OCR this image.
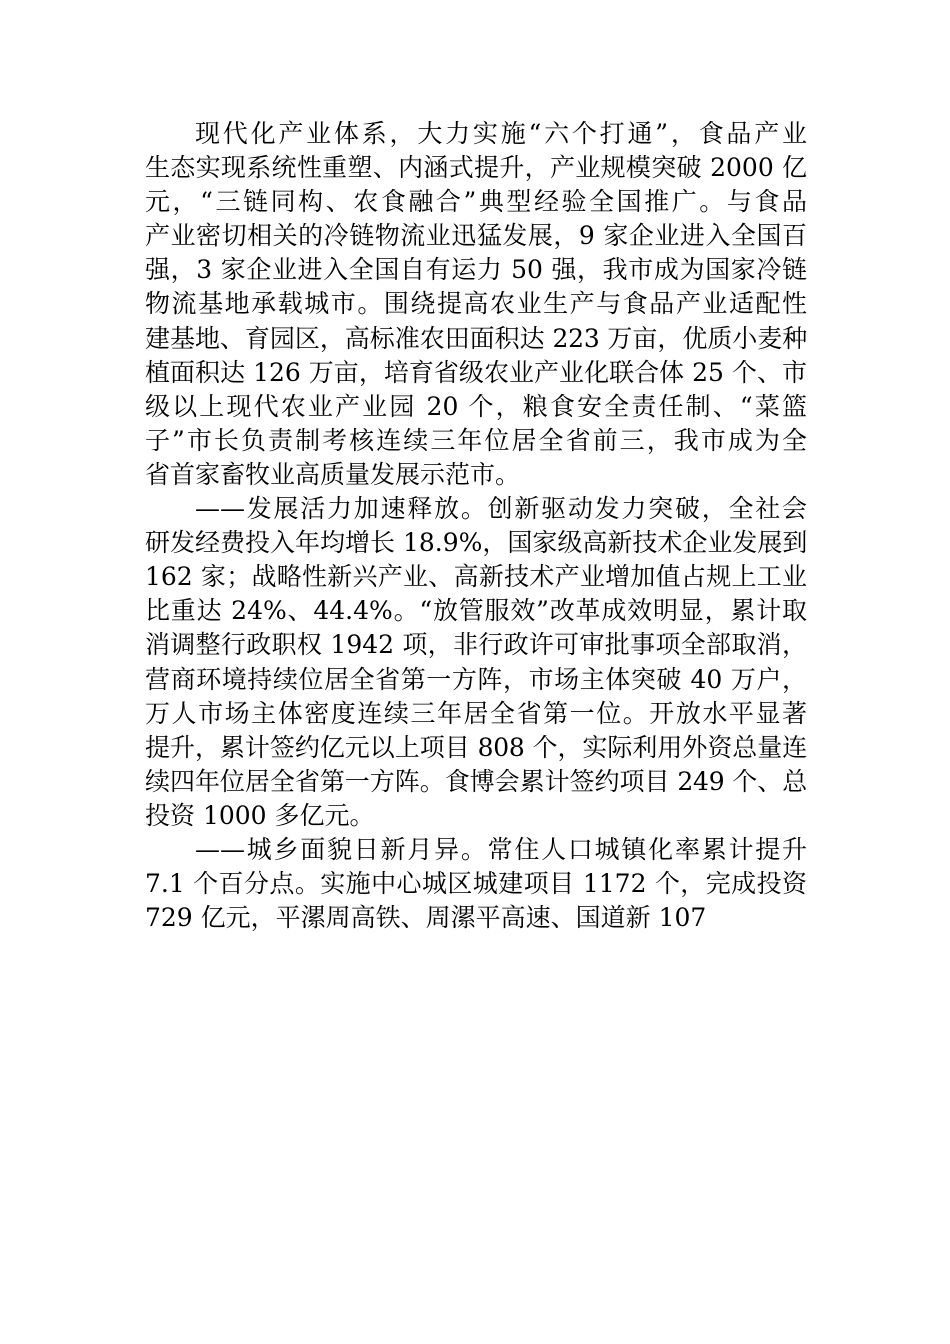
现代化产业体系，大力实施“六个打通”，食品产业
生态实现系统性重塑、内涵式提升，产业规模突破 2000 亿
元，“三链同构、农食融合”典型经验全国推广。与食品
产业密切相关的冷链物流业迅猛发展，9 家企业进入全国百
强，3 家企业进入全国自有运力 50 强，我市成为国家冷链
物流基地承载城市。围绕提高农业生产与食品产业适配性
建基地、育园区，高标准农田面积达 223 万亩，优质小麦种
植面积达 126 万亩，培育省级农业产业化联合体 25 个、市
级以上现代农业产业园 20 个，粮食安全责任制、“菜篮
子”市长负责制考核连续三年位居全省前三，我市成为全
省首家畜牧业高质量发展示范市。
——发展活力加速释放。创新驱动发力突破，全社会
研发经费投入年均增长 18.9%，国家级高新技术企业发展到
162 家；战略性新兴产业、高新技术产业增加值占规上工业
比重达 24%、44.4%。“放管服效”改革成效明显，累计取
消调整行政职权 1942 项，非行政许可审批事项全部取消，
营商环境持续位居全省第一方阵，市场主体突破 40 万户，
万人市场主体密度连续三年居全省第一位。开放水平显著
提升，累计签约亿元以上项目 808 个，实际利用外资总量连
续四年位居全省第一方阵。食博会累计签约项目 249 个、总
投资 1000 多亿元。
——城乡面貌日新月异。常住人口城镇化率累计提升
7.1 个百分点。实施中心城区城建项目 1172 个，完成投资
729 亿元，平漯周高铁、周漯平高速、国道新 107
